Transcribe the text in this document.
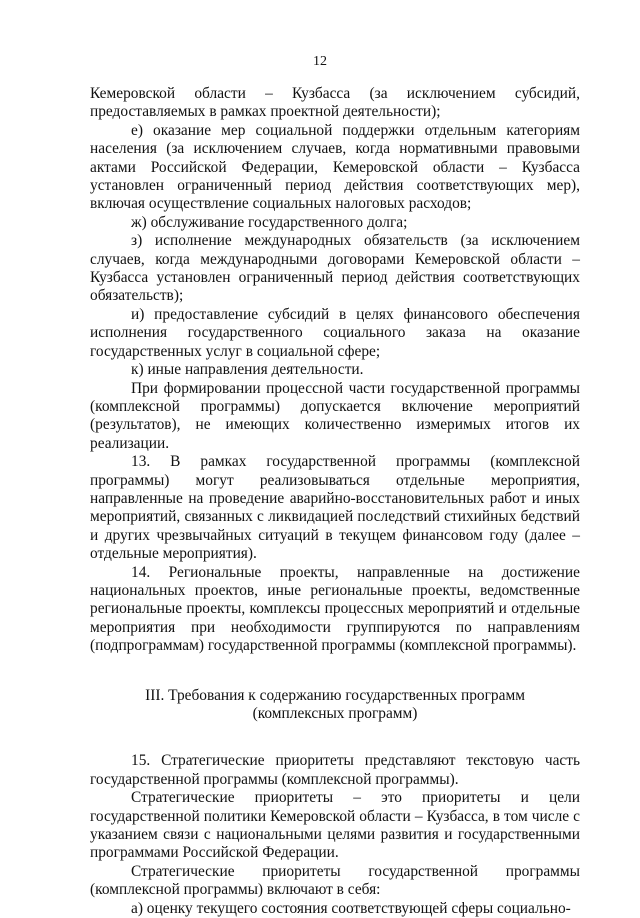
12

Кемеровской области – Кузбасса (за исключением субсидий, предоставляемых в рамках проектной деятельности);

е) оказание мер социальной поддержки отдельным категориям населения (за исключением случаев, когда нормативными правовыми актами Российской Федерации, Кемеровской области – Кузбасса установлен ограниченный период действия соответствующих мер), включая осуществление социальных налоговых расходов;

ж) обслуживание государственного долга;

з) исполнение международных обязательств (за исключением случаев, когда международными договорами Кемеровской области – Кузбасса установлен ограниченный период действия соответствующих обязательств);

и) предоставление субсидий в целях финансового обеспечения исполнения государственного социального заказа на оказание государственных услуг в социальной сфере;

к) иные направления деятельности.

При формировании процессной части государственной программы (комплексной программы) допускается включение мероприятий (результатов), не имеющих количественно измеримых итогов их реализации.

13. В рамках государственной программы (комплексной программы) могут реализовываться отдельные мероприятия, направленные на проведение аварийно-восстановительных работ и иных мероприятий, связанных с ликвидацией последствий стихийных бедствий и других чрезвычайных ситуаций в текущем финансовом году (далее – отдельные мероприятия).

14. Региональные проекты, направленные на достижение национальных проектов, иные региональные проекты, ведомственные региональные проекты, комплексы процессных мероприятий и отдельные мероприятия при необходимости группируются по направлениям (подпрограммам) государственной программы (комплексной программы).

III. Требования к содержанию государственных программ
(комплексных программ)

15. Стратегические приоритеты представляют текстовую часть государственной программы (комплексной программы).

Стратегические приоритеты – это приоритеты и цели государственной политики Кемеровской области – Кузбасса, в том числе с указанием связи с национальными целями развития и государственными программами Российской Федерации.

Стратегические приоритеты государственной программы (комплексной программы) включают в себя:

а) оценку текущего состояния соответствующей сферы социально-
